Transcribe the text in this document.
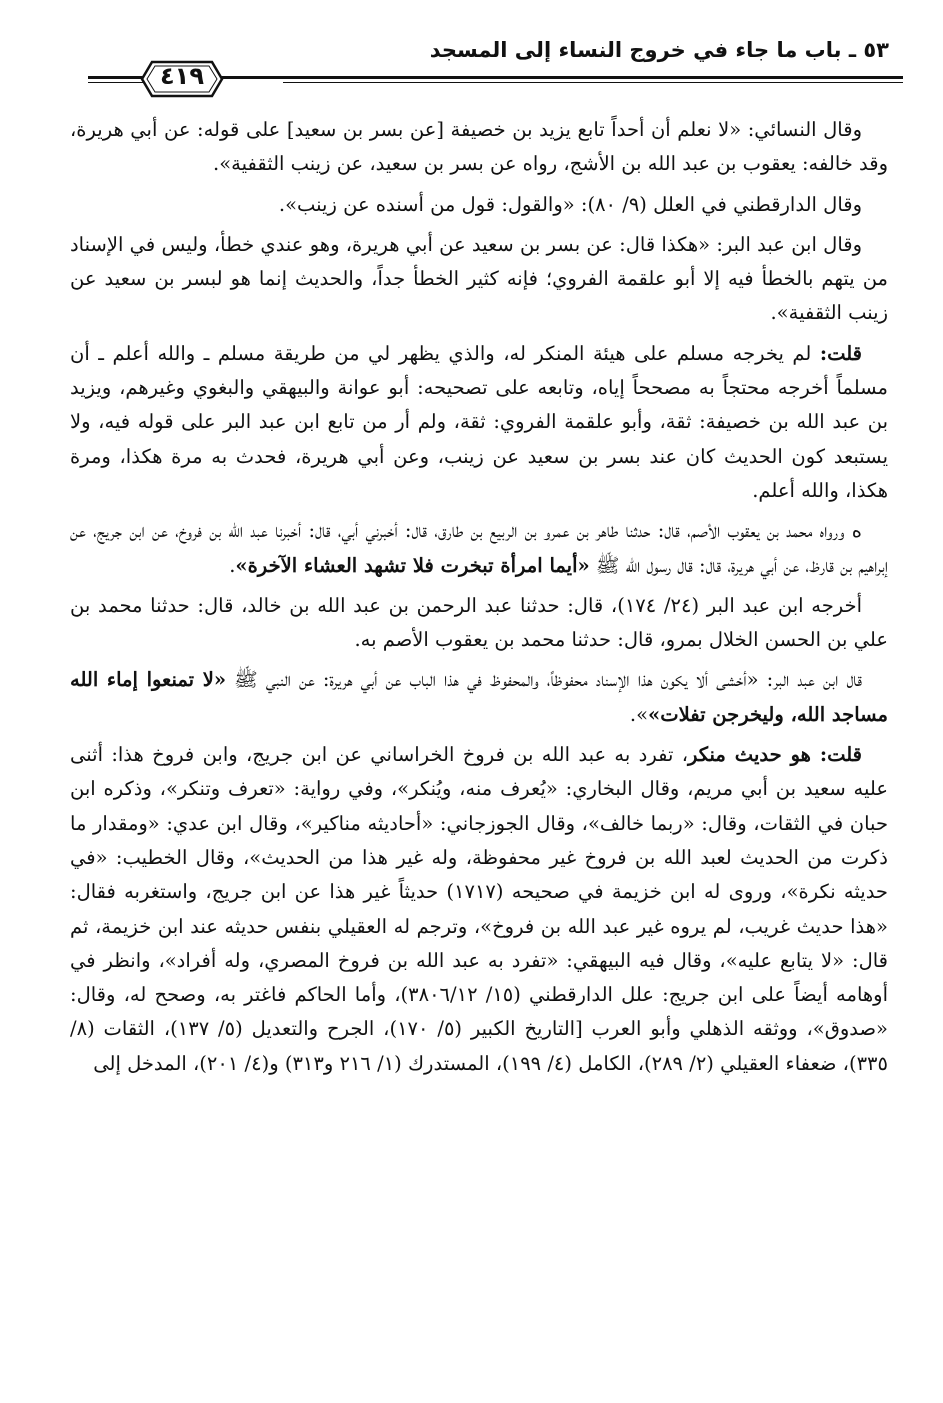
٥٣ ـ باب ما جاء في خروج النساء إلى المسجد
٤١٩

وقال النسائي: «لا نعلم أن أحداً تابع يزيد بن خصيفة [عن بسر بن سعيد] على قوله: عن أبي هريرة، وقد خالفه: يعقوب بن عبد الله بن الأشج، رواه عن بسر بن سعيد، عن زينب الثقفية».

وقال الدارقطني في العلل (٩/ ٨٠): «والقول: قول من أسنده عن زينب».

وقال ابن عبد البر: «هكذا قال: عن بسر بن سعيد عن أبي هريرة، وهو عندي خطأ، وليس في الإسناد من يتهم بالخطأ فيه إلا أبو علقمة الفروي؛ فإنه كثير الخطأ جداً، والحديث إنما هو لبسر بن سعيد عن زينب الثقفية».

قلت: لم يخرجه مسلم على هيئة المنكر له، والذي يظهر لي من طريقة مسلم ـ والله أعلم ـ أن مسلماً أخرجه محتجاً به مصححاً إياه، وتابعه على تصحيحه: أبو عوانة والبيهقي والبغوي وغيرهم، ويزيد بن عبد الله بن خصيفة: ثقة، وأبو علقمة الفروي: ثقة، ولم أر من تابع ابن عبد البر على قوله فيه، ولا يستبعد كون الحديث كان عند بسر بن سعيد عن زينب، وعن أبي هريرة، فحدث به مرة هكذا، ومرة هكذا، والله أعلم.

ﻩ ورواه محمد بن يعقوب الأصم، قال: حدثنا طاهر بن عمرو بن الربيع بن طارق، قال: أخبرني أبي، قال: أخبرنا عبد الله بن فروخ، عن ابن جريج، عن إبراهيم بن قارظ، عن أبي هريرة، قال: قال رسول الله ﷺ «أيما امرأة تبخرت فلا تشهد العشاء الآخرة».

أخرجه ابن عبد البر (٢٤/ ١٧٤)، قال: حدثنا عبد الرحمن بن عبد الله بن خالد، قال: حدثنا محمد بن علي بن الحسن الخلال بمرو، قال: حدثنا محمد بن يعقوب الأصم به.

قال ابن عبد البر: «أخشى ألا يكون هذا الإسناد محفوظاً، والمحفوظ في هذا الباب عن أبي هريرة: عن النبي ﷺ «لا تمنعوا إماء الله مساجد الله، وليخرجن تفلات»».

قلت: هو حديث منكر، تفرد به عبد الله بن فروخ الخراساني عن ابن جريج، وابن فروخ هذا: أثنى عليه سعيد بن أبي مريم، وقال البخاري: «يُعرف منه، ويُنكر»، وفي رواية: «تعرف وتنكر»، وذكره ابن حبان في الثقات، وقال: «ربما خالف»، وقال الجوزجاني: «أحاديثه مناكير»، وقال ابن عدي: «ومقدار ما ذكرت من الحديث لعبد الله بن فروخ غير محفوظة، وله غير هذا من الحديث»، وقال الخطيب: «في حديثه نكرة»، وروى له ابن خزيمة في صحيحه (١٧١٧) حديثاً غير هذا عن ابن جريج، واستغربه فقال: «هذا حديث غريب، لم يروه غير عبد الله بن فروخ»، وترجم له العقيلي بنفس حديثه عند ابن خزيمة، ثم قال: «لا يتابع عليه»، وقال فيه البيهقي: «تفرد به عبد الله بن فروخ المصري، وله أفراد»، وانظر في أوهامه أيضاً على ابن جريج: علل الدارقطني (١٥/ ٣٨٠٦/١٢)، وأما الحاكم فاغتر به، وصحح له، وقال: «صدوق»، ووثقه الذهلي وأبو العرب [التاريخ الكبير (٥/ ١٧٠)، الجرح والتعديل (٥/ ١٣٧)، الثقات (٨/ ٣٣٥)، ضعفاء العقيلي (٢/ ٢٨٩)، الكامل (٤/ ١٩٩)، المستدرك (١/ ٢١٦ و٣١٣) و(٤/ ٢٠١)، المدخل إلى
